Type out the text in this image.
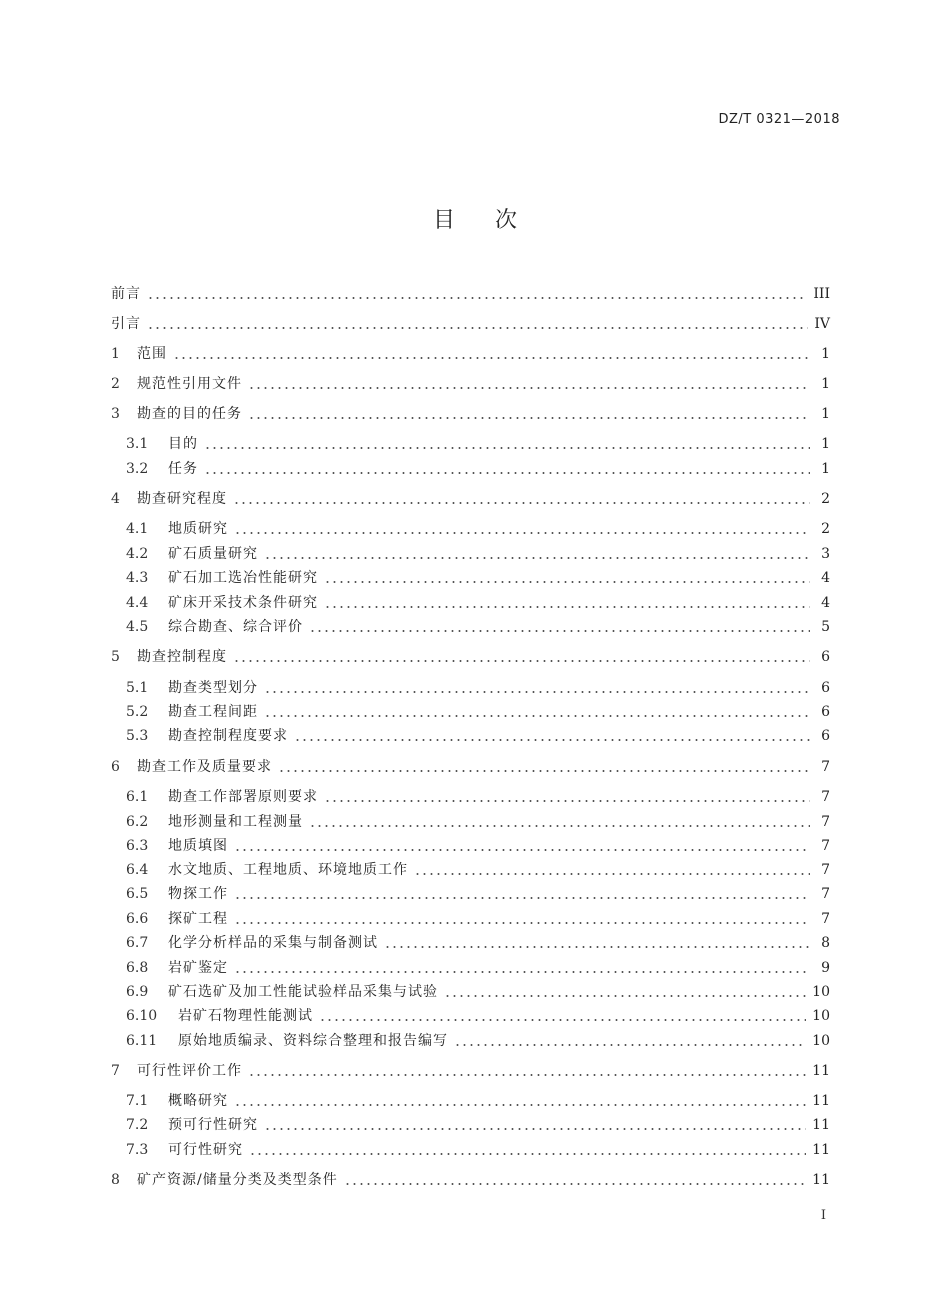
DZ/T 0321—2018
目次
前言	III
引言	IV
1	范围	1
2	规范性引用文件	1
3	勘查的目的任务	1
3.1	目的	1
3.2	任务	1
4	勘查研究程度	2
4.1	地质研究	2
4.2	矿石质量研究	3
4.3	矿石加工选冶性能研究	4
4.4	矿床开采技术条件研究	4
4.5	综合勘查、综合评价	5
5	勘查控制程度	6
5.1	勘查类型划分	6
5.2	勘查工程间距	6
5.3	勘查控制程度要求	6
6	勘查工作及质量要求	7
6.1	勘查工作部署原则要求	7
6.2	地形测量和工程测量	7
6.3	地质填图	7
6.4	水文地质、工程地质、环境地质工作	7
6.5	物探工作	7
6.6	探矿工程	7
6.7	化学分析样品的采集与制备测试	8
6.8	岩矿鉴定	9
6.9	矿石选矿及加工性能试验样品采集与试验	10
6.10	岩矿石物理性能测试	10
6.11	原始地质编录、资料综合整理和报告编写	10
7	可行性评价工作	11
7.1	概略研究	11
7.2	预可行性研究	11
7.3	可行性研究	11
8	矿产资源/储量分类及类型条件	11
I
